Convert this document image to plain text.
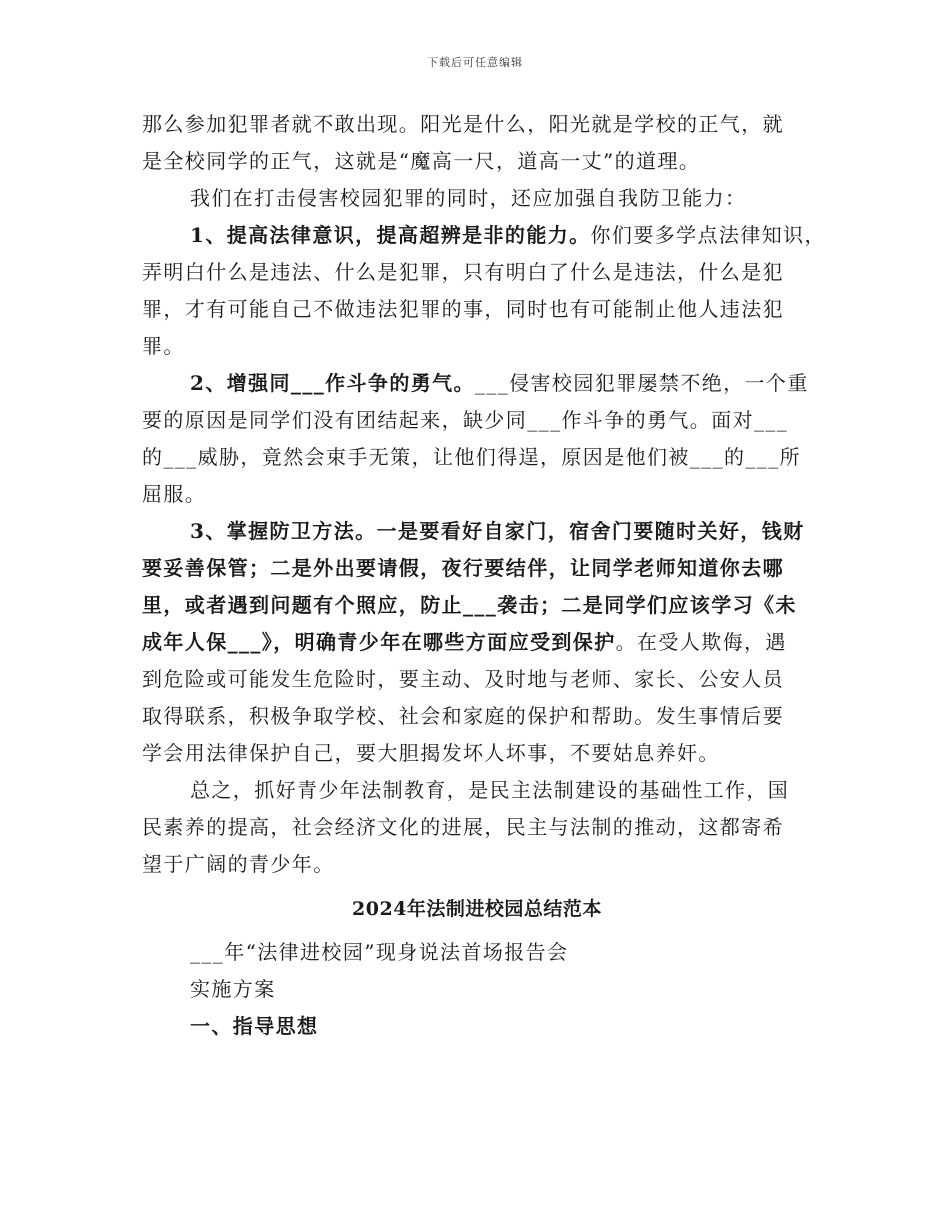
下载后可任意编辑
那么参加犯罪者就不敢出现。阳光是什么，阳光就是学校的正气，就
是全校同学的正气，这就是“魔高一尺，道高一丈”的道理。
我们在打击侵害校园犯罪的同时，还应加强自我防卫能力：
1、提高法律意识，提高超辨是非的能力。你们要多学点法律知识，
弄明白什么是违法、什么是犯罪，只有明白了什么是违法，什么是犯
罪，才有可能自己不做违法犯罪的事，同时也有可能制止他人违法犯
罪。
2、增强同___作斗争的勇气。___侵害校园犯罪屡禁不绝，一个重
要的原因是同学们没有团结起来，缺少同___作斗争的勇气。面对___
的___威胁，竟然会束手无策，让他们得逞，原因是他们被___的___所
屈服。
3、掌握防卫方法。一是要看好自家门，宿舍门要随时关好，钱财
要妥善保管；二是外出要请假，夜行要结伴，让同学老师知道你去哪
里，或者遇到问题有个照应，防止___袭击；二是同学们应该学习《未
成年人保___》，明确青少年在哪些方面应受到保护。在受人欺侮，遇
到危险或可能发生危险时，要主动、及时地与老师、家长、公安人员
取得联系，积极争取学校、社会和家庭的保护和帮助。发生事情后要
学会用法律保护自己，要大胆揭发坏人坏事，不要姑息养奸。
总之，抓好青少年法制教育，是民主法制建设的基础性工作，国
民素养的提高，社会经济文化的进展，民主与法制的推动，这都寄希
望于广阔的青少年。
2024年法制进校园总结范本
___年“法律进校园”现身说法首场报告会
实施方案
一、指导思想
